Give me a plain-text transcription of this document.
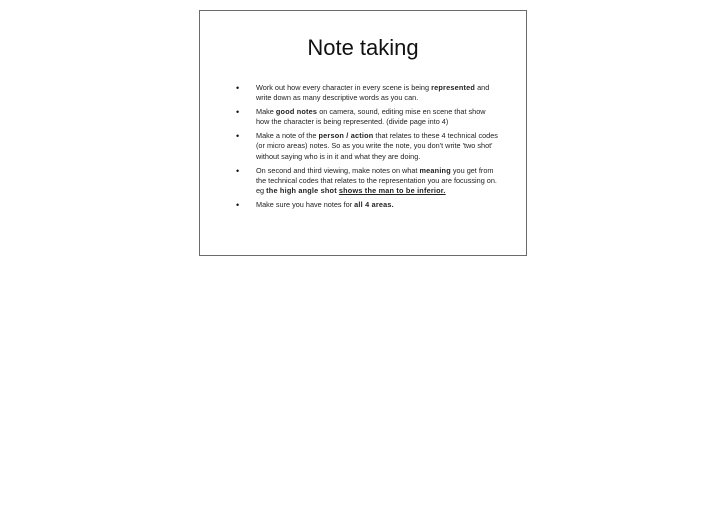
Note taking
• Work out how every character in every scene is being represented and write down as many descriptive words as you can.
• Make good notes on camera, sound, editing mise en scene that show how the character is being represented. (divide page into 4)
• Make a note of the person / action that relates to these 4 technical codes (or micro areas) notes. So as you write the note, you don't write 'two shot' without saying who is in it and what they are doing.
• On second and third viewing, make notes on what meaning you get from the technical codes that relates to the representation you are focussing on. eg the high angle shot shows the man to be inferior.
• Make sure you have notes for all 4 areas.
